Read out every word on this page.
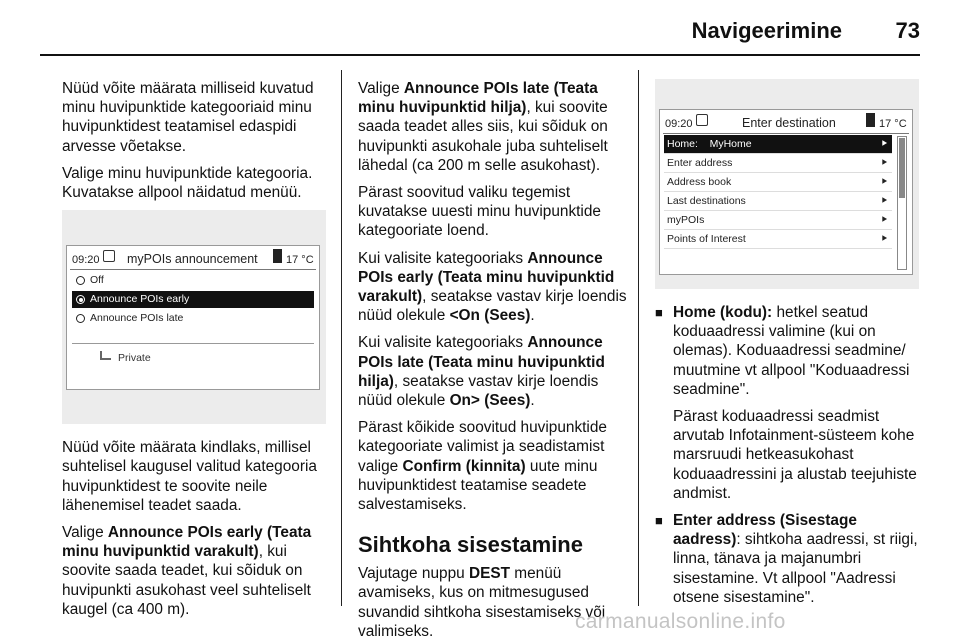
Navigeerimine 73

Nüüd võite määrata milliseid kuvatud minu huvipunktide kategooriaid minu huvipunktidest teatamisel edaspidi arvesse võetakse.

Valige minu huvipunktide kategooria. Kuvatakse allpool näidatud menüü.

09:20 myPOIs announcement	17 °C
Off
Announce POIs early
Announce POIs late
Private

Nüüd võite määrata kindlaks, millisel suhtelisel kaugusel valitud kategooria huvipunktidest te soovite neile lähenemisel teadet saada.

Valige Announce POIs early (Teata minu huvipunktid varakult), kui soovite saada teadet, kui sõiduk on huvipunkti asukohast veel suhteliselt kaugel (ca 400 m).

Valige Announce POIs late (Teata minu huvipunktid hilja), kui soovite saada teadet alles siis, kui sõiduk on huvipunkti asukohale juba suhteliselt lähedal (ca 200 m selle asukohast).

Pärast soovitud valiku tegemist kuvatakse uuesti minu huvipunktide kategooriate loend.

Kui valisite kategooriaks Announce POIs early (Teata minu huvipunktid varakult), seatakse vastav kirje loendis nüüd olekule <On (Sees).

Kui valisite kategooriaks Announce POIs late (Teata minu huvipunktid hilja), seatakse vastav kirje loendis nüüd olekule On> (Sees).

Pärast kõikide soovitud huvipunktide kategooriate valimist ja seadistamist valige Confirm (kinnita) uute minu huvipunktidest teatamise seadete salvestamiseks.

Sihtkoha sisestamine

Vajutage nuppu DEST menüü avamiseks, kus on mitmesugused suvandid sihtkoha sisestamiseks või valimiseks.

09:20	Enter destination	17 °C
Home:    MyHome	⯈
Enter address	⯈
Address book	⯈
Last destinations	⯈
myPOIs	⯈
Points of Interest	⯈

■ Home (kodu): hetkel seatud koduaadressi valimine (kui on olemas). Koduaadressi seadmine/ muutmine vt allpool "Koduaadressi seadmine".

Pärast koduaadressi seadmist arvutab Infotainment-süsteem kohe marsruudi hetkeasukohast koduaadressini ja alustab teejuhiste andmist.

■ Enter address (Sisestage aadress): sihtkoha aadressi, st riigi, linna, tänava ja majanumbri sisestamine. Vt allpool "Aadressi otsene sisestamine".

carmanualsonline.info
